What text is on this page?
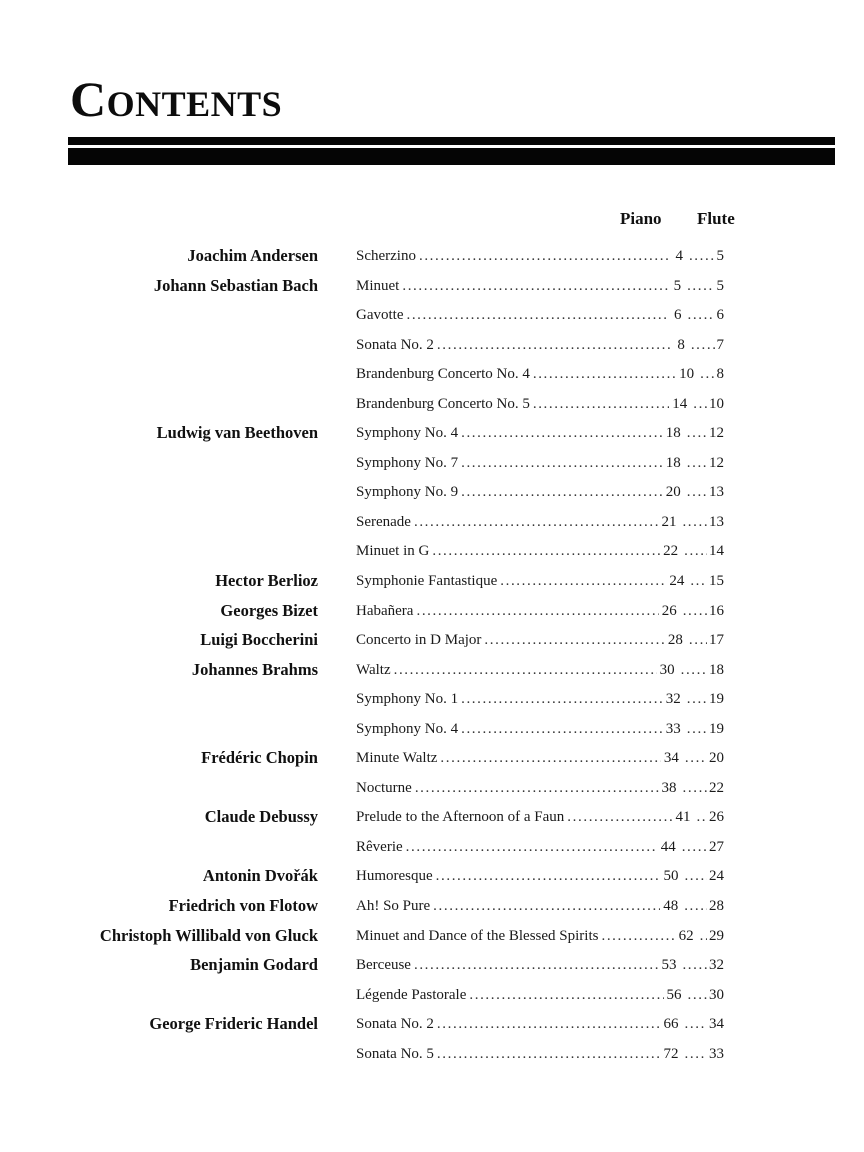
CONTENTS
Piano Flute
Joachim Andersen	Scherzino .....	4 ..... 5
Johann Sebastian Bach	Minuet .....	5 ..... 5
Gavotte .....	6 ..... 6
Sonata No. 2 .....	8 ..... 7
Brandenburg Concerto No. 4 .....	10 ..... 8
Brandenburg Concerto No. 5 .....	14 ..... 10
Ludwig van Beethoven	Symphony No. 4 .....	18 ..... 12
Symphony No. 7 .....	18 ..... 12
Symphony No. 9 .....	20 ..... 13
Serenade .....	21 ..... 13
Minuet in G .....	22 ..... 14
Hector Berlioz	Symphonie Fantastique .....	24 ..... 15
Georges Bizet	Habañera .....	26 ..... 16
Luigi Boccherini	Concerto in D Major .....	28 ..... 17
Johannes Brahms	Waltz .....	30 ..... 18
Symphony No. 1 .....	32 ..... 19
Symphony No. 4 .....	33 ..... 19
Frédéric Chopin	Minute Waltz .....	34 ..... 20
Nocturne .....	38 ..... 22
Claude Debussy	Prelude to the Afternoon of a Faun .....	41 ..... 26
Rêverie .....	44 ..... 27
Antonin Dvořák	Humoresque .....	50 ..... 24
Friedrich von Flotow	Ah! So Pure .....	48 ..... 28
Christoph Willibald von Gluck	Minuet and Dance of the Blessed Spirits .....	62 ..... 29
Benjamin Godard	Berceuse .....	53 ..... 32
Légende Pastorale .....	56 ..... 30
George Frideric Handel	Sonata No. 2 .....	66 ..... 34
Sonata No. 5 .....	72 ..... 33
